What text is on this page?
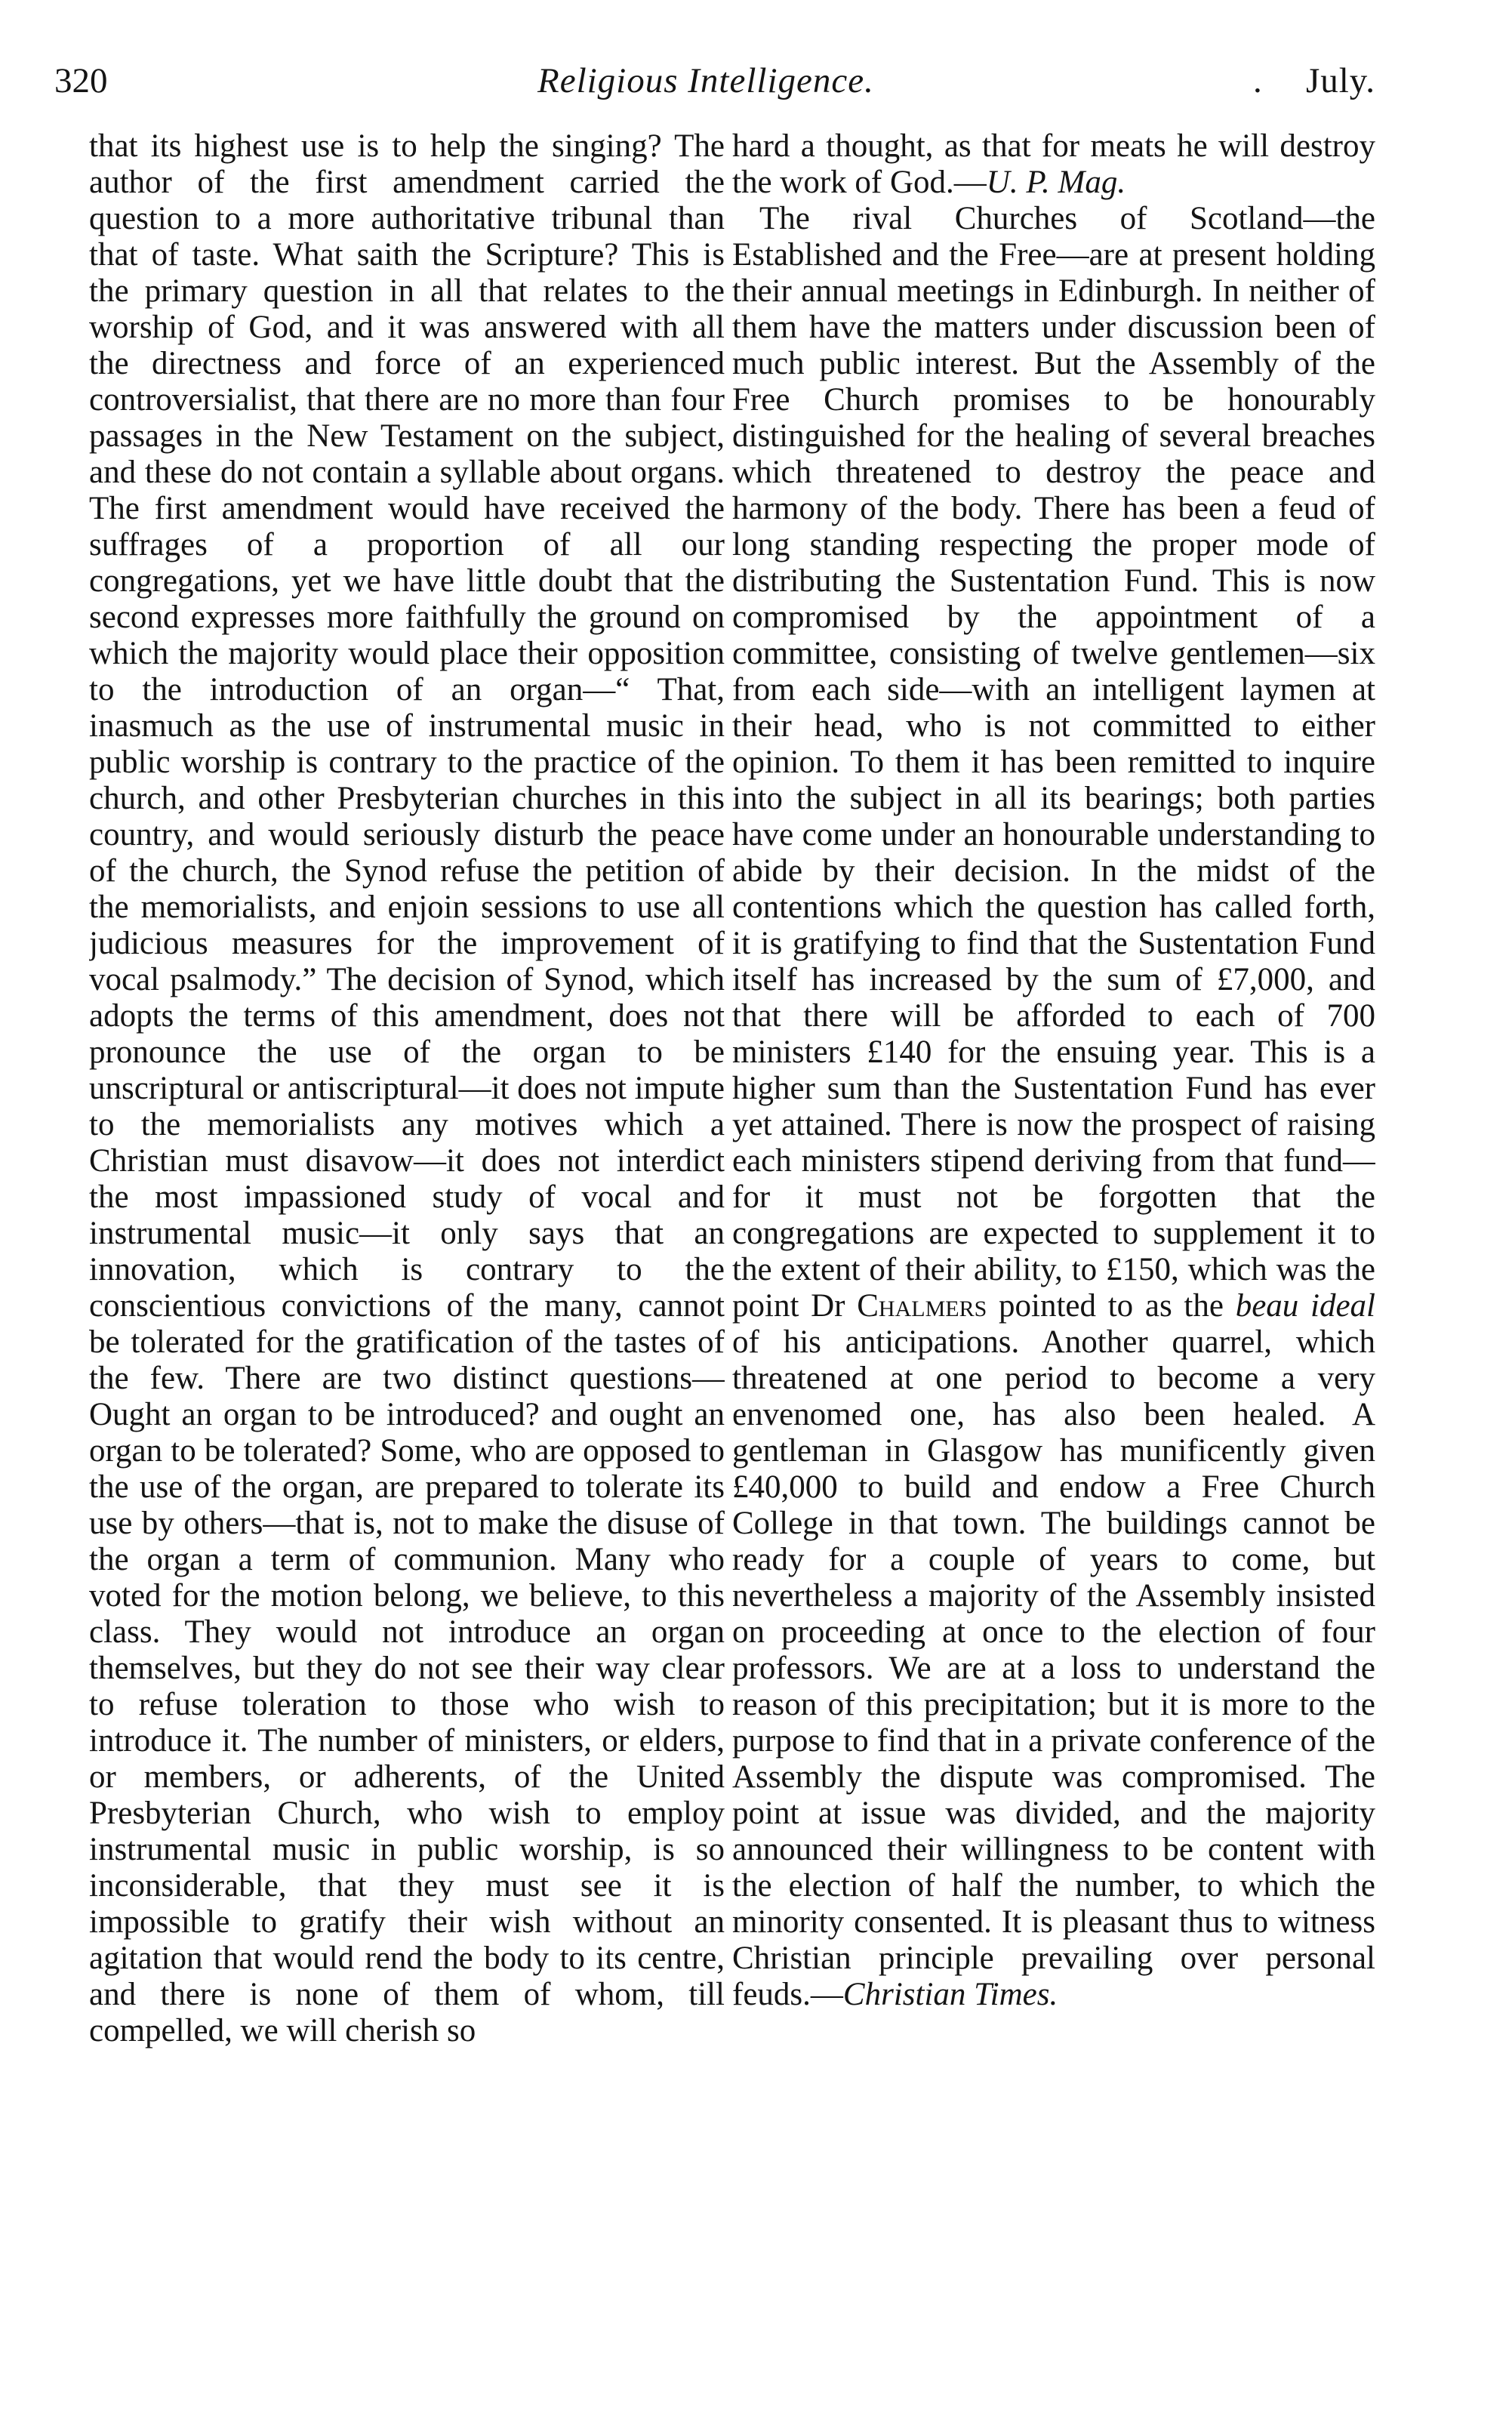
320	Religious Intelligence.	. July.

that its highest use is to help the singing? The author of the first amendment carried the question to a more authoritative tribunal than that of taste. What saith the Scripture? This is the primary question in all that relates to the worship of God, and it was answered with all the directness and force of an experienced controversialist, that there are no more than four passages in the New Testament on the subject, and these do not contain a syllable about organs. The first amendment would have received the suffrages of a proportion of all our congregations, yet we have little doubt that the second expresses more faithfully the ground on which the majority would place their opposition to the introduction of an organ—“ That, inasmuch as the use of instrumental music in public worship is contrary to the practice of the church, and other Presbyterian churches in this country, and would seriously disturb the peace of the church, the Synod refuse the petition of the memorialists, and enjoin sessions to use all judicious measures for the improvement of vocal psalmody.” The decision of Synod, which adopts the terms of this amendment, does not pronounce the use of the organ to be unscriptural or antiscriptural—it does not impute to the memorialists any motives which a Christian must disavow—it does not interdict the most impassioned study of vocal and instrumental music—it only says that an innovation, which is contrary to the conscientious convictions of the many, cannot be tolerated for the gratification of the tastes of the few. There are two distinct questions—Ought an organ to be introduced? and ought an organ to be tolerated? Some, who are opposed to the use of the organ, are prepared to tolerate its use by others—that is, not to make the disuse of the organ a term of communion. Many who voted for the motion belong, we believe, to this class. They would not introduce an organ themselves, but they do not see their way clear to refuse toleration to those who wish to introduce it. The number of ministers, or elders, or members, or adherents, of the United Presbyterian Church, who wish to employ instrumental music in public worship, is so inconsiderable, that they must see it is impossible to gratify their wish without an agitation that would rend the body to its centre, and there is none of them of whom, till compelled, we will cherish so

hard a thought, as that for meats he will destroy the work of God.—U. P. Mag.

The rival Churches of Scotland—the Established and the Free—are at present holding their annual meetings in Edinburgh. In neither of them have the matters under discussion been of much public interest. But the Assembly of the Free Church promises to be honourably distinguished for the healing of several breaches which threatened to destroy the peace and harmony of the body. There has been a feud of long standing respecting the proper mode of distributing the Sustentation Fund. This is now compromised by the appointment of a committee, consisting of twelve gentlemen—six from each side—with an intelligent laymen at their head, who is not committed to either opinion. To them it has been remitted to inquire into the subject in all its bearings; both parties have come under an honourable understanding to abide by their decision. In the midst of the contentions which the question has called forth, it is gratifying to find that the Sustentation Fund itself has increased by the sum of £7,000, and that there will be afforded to each of 700 ministers £140 for the ensuing year. This is a higher sum than the Sustentation Fund has ever yet attained. There is now the prospect of raising each ministers stipend deriving from that fund—for it must not be forgotten that the congregations are expected to supplement it to the extent of their ability, to £150, which was the point Dr Chalmers pointed to as the beau ideal of his anticipations. Another quarrel, which threatened at one period to become a very envenomed one, has also been healed. A gentleman in Glasgow has munificently given £40,000 to build and endow a Free Church College in that town. The buildings cannot be ready for a couple of years to come, but nevertheless a majority of the Assembly insisted on proceeding at once to the election of four professors. We are at a loss to understand the reason of this precipitation; but it is more to the purpose to find that in a private conference of the Assembly the dispute was compromised. The point at issue was divided, and the majority announced their willingness to be content with the election of half the number, to which the minority consented. It is pleasant thus to witness Christian principle prevailing over personal feuds.—Christian Times.
